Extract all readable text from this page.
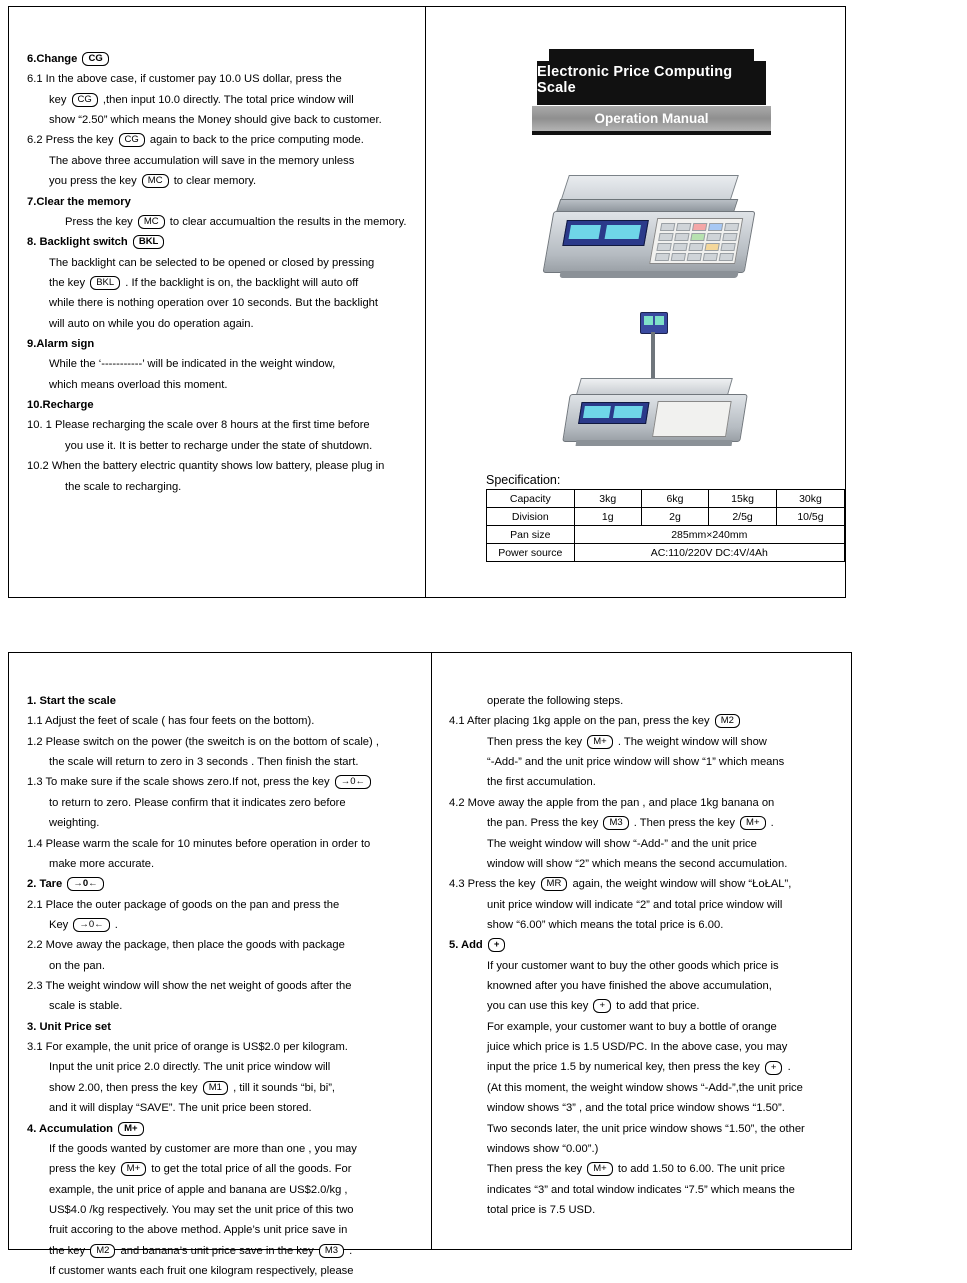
6.Change CG
6.1 In the above case, if customer pay 10.0 US dollar, press the
key CG ,then input 10.0 directly. The total price window will
show “2.50” which means the Money should give back to customer.
6.2 Press the key CG again to back to the price computing mode.
The above three accumulation will save in the memory unless
you press the key MC to clear memory.
7.Clear the memory
Press the key MC to clear accumualtion the results in the memory.
8. Backlight switch BKL
The backlight can be selected to be opened or closed by pressing
the key BKL . If the backlight is on, the backlight will auto off
while there is nothing operation over 10 seconds. But the backlight
will auto on while you do operation again.
9.Alarm sign
While the ‘-----------’ will be indicated in the weight window,
which means overload this moment.
10.Recharge
10. 1 Please recharging the scale over 8 hours at the first time before
you use it. It is better to recharge under the state of shutdown.
10.2 When the battery electric quantity shows low battery, please plug in
the scale to recharging.
Electronic Price Computing Scale
Operation Manual
Specification:
Capacity	3kg	6kg	15kg	30kg
Division	1g	2g	2/5g	10/5g
Pan size	285mm×240mm			
Power source	AC:110/220V DC:4V/4Ah			
1. Start the scale
1.1 Adjust the feet of scale ( has four feets on the bottom).
1.2 Please switch on the power (the sweitch is on the bottom of scale) ,
the scale will return to zero in 3 seconds . Then finish the start.
1.3 To make sure if the scale shows zero.If not, press the key →0←
to return to zero. Please confirm that it indicates zero before
weighting.
1.4 Please warm the scale for 10 minutes before operation in order to
make more accurate.
2. Tare →0←
2.1 Place the outer package of goods on the pan and press the
Key →0← .
2.2 Move away the package, then place the goods with package
on the pan.
2.3 The weight window will show the net weight of goods after the
scale is stable.
3. Unit Price set
3.1 For example, the unit price of orange is US$2.0 per kilogram.
Input the unit price 2.0 directly. The unit price window will
show 2.00, then press the key M1 , till it sounds “bi, bi”,
and it will display “SAVE”. The unit price been stored.
4. Accumulation M+
If the goods wanted by customer are more than one , you may
press the key M+ to get the total price of all the goods. For
example, the unit price of apple and banana are US$2.0/kg ,
US$4.0 /kg respectively. You may set the unit price of this two
fruit accoring to the above method. Apple’s unit price save in
the key M2 and banana’s unit price save in the key M3 .
If customer wants each fruit one kilogram respectively, please
operate the following steps.
4.1 After placing 1kg apple on the pan, press the key M2
Then press the key M+ . The weight window will show
“-Add-” and the unit price window will show “1” which means
the first accumulation.
4.2 Move away the apple from the pan , and place 1kg banana on
the pan. Press the key M3 . Then press the key M+ .
The weight window will show “-Add-” and the unit price
window will show “2” which means the second accumulation.
4.3 Press the key MR again, the weight window will show “ŁoŁAL”,
unit price window will indicate “2” and total price window will
show “6.00” which means the total price is 6.00.
5. Add +
If your customer want to buy the other goods which price is
knowned after you have finished the above accumulation,
you can use this key + to add that price.
For example, your customer want to buy a bottle of orange
juice which price is 1.5 USD/PC. In the above case, you may
input the price 1.5 by numerical key, then press the key + .
(At this moment, the weight window shows “-Add-”,the unit price
window shows “3” , and the total price window shows “1.50”.
Two seconds later, the unit price window shows “1.50”, the other
windows show “0.00”.)
Then press the key M+ to add 1.50 to 6.00. The unit price
indicates “3” and total window indicates “7.5” which means the
total price is 7.5 USD.
